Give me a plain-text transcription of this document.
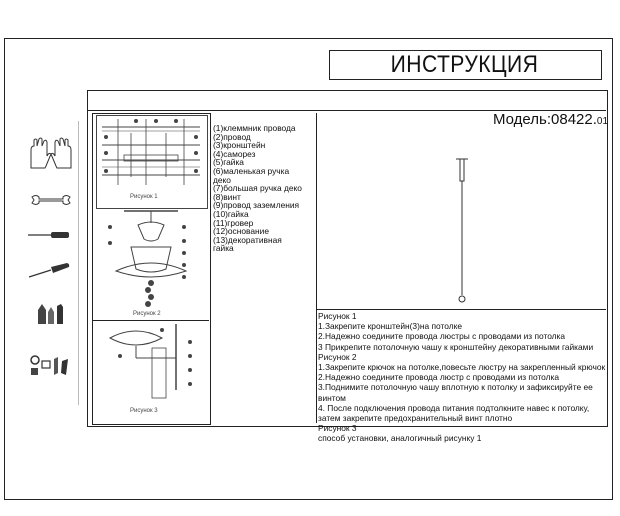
ИНСТРУКЦИЯ
Модель:08422.01
Рисунок 1
Рисунок 2
Рисунок 3
(1)клеммник провода
(2)провод
(3)кронштейн
(4)саморез
(5)гайка
(6)маленькая ручка
деко
(7)большая ручка деко
(8)винт
(9)провод заземления
(10)гайка
(11)гровер
(12)основание
(13)декоративная
гайка
Рисунок 1
1.Закрепите кронштейн(3)на потолке
2.Надежно соедините провода люстры с проводами из потолка
3 Прикрепите потолочную чашу к кронштейну декоративными гайками
Рисунок 2
1.Закрепите крючок на потолке,повесьте люстру на закрепленный крючок
2.Надежно соедините провода люстр с проводами из потолка
3.Поднимите потолочную чашу вплотную к потолку и зафиксируйте ее
винтом
4. После подключения провода питания подтолкните навес к потолку,
затем закрепите предохранительный винт плотно
Рисунок 3
способ установки, аналогичный рисунку 1
